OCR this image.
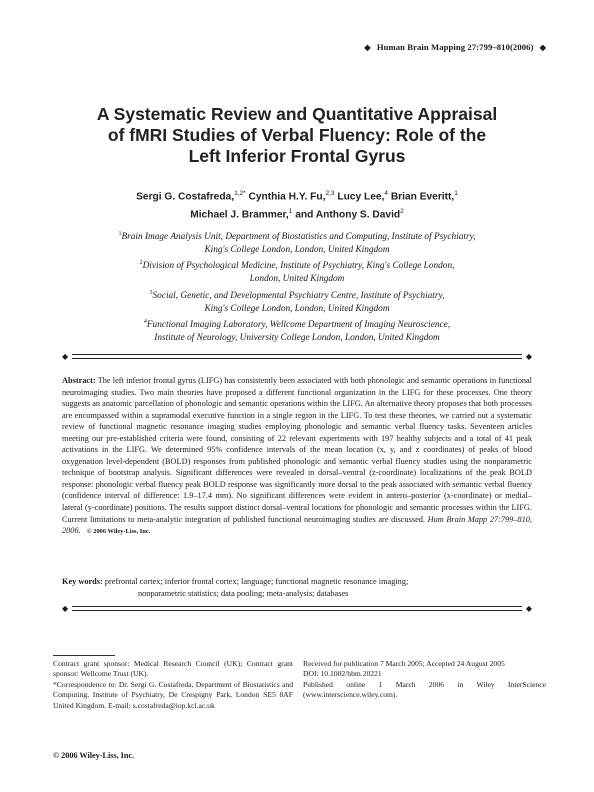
◆ Human Brain Mapping 27:799–810(2006) ◆
A Systematic Review and Quantitative Appraisal
of fMRI Studies of Verbal Fluency: Role of the
Left Inferior Frontal Gyrus
Sergi G. Costafreda,$^{1,2*}$ Cynthia H.Y. Fu,$^{2,3}$ Lucy Lee,$^4$ Brian Everitt,$^1$
Michael J. Brammer,$^1$ and Anthony S. David$^2$
$^1$Brain Image Analysis Unit, Department of Biostatistics and Computing, Institute of Psychiatry,
King's College London, London, United Kingdom
$^2$Division of Psychological Medicine, Institute of Psychiatry, King's College London,
London, United Kingdom
$^3$Social, Genetic, and Developmental Psychiatry Centre, Institute of Psychiatry,
King's College London, London, United Kingdom
$^4$Functional Imaging Laboratory, Wellcome Department of Imaging Neuroscience,
Institute of Neurology, University College London, London, United Kingdom
◆	◆
Abstract: The left inferior frontal gyrus (LIFG) has consistently been associated with both phonologic and semantic operations in functional neuroimaging studies. Two main theories have proposed a different functional organization in the LIFG for these processes. One theory suggests an anatomic parcellation of phonologic and semantic operations within the LIFG. An alternative theory proposes that both processes are encompassed within a supramodal executive function in a single region in the LIFG. To test these theories, we carried out a systematic review of functional magnetic resonance imaging studies employing phonologic and semantic verbal fluency tasks. Seventeen articles meeting our pre-established criteria were found, consisting of 22 relevant experiments with 197 healthy subjects and a total of 41 peak activations in the LIFG. We determined 95% confidence intervals of the mean location (x, y, and z coordinates) of peaks of blood oxygenation level-dependent (BOLD) responses from published phonologic and semantic verbal fluency studies using the nonparametric technique of bootstrap analysis. Significant differences were revealed in dorsal–ventral (z-coordinate) localizations of the peak BOLD response: phonologic verbal fluency peak BOLD response was significantly more dorsal to the peak associated with semantic verbal fluency (confidence interval of difference: 1.9–17.4 mm). No significant differences were evident in antero–posterior (x-coordinate) or medial–lateral (y-coordinate) positions. The results support distinct dorsal–ventral locations for phonologic and semantic processes within the LIFG. Current limitations to meta-analytic integration of published functional neuroimaging studies are discussed. Hum Brain Mapp 27:799–810, 2006. © 2006 Wiley-Liss, Inc.
Key words: prefrontal cortex; inferior frontal cortex; language; functional magnetic resonance imaging;
nonparametric statistics; data pooling; meta-analysis; databases
◆	◆

Contract grant sponsor: Medical Research Council (UK); Contract grant sponsor: Wellcome Trust (UK).

*Correspondence to: Dr. Sergi G. Costafreda, Department of Biostatistics and Computing, Institute of Psychiatry, De Crespigny Park, London SE5 8AF United Kingdom. E-mail: s.costafreda@iop.kcl.ac.uk

Received for publication 7 March 2005; Accepted 24 August 2005

DOI: 10.1002/hbm.20221

Published online 1 March 2006 in Wiley InterScience (www.interscience.wiley.com).

© 2006 Wiley-Liss, Inc.
